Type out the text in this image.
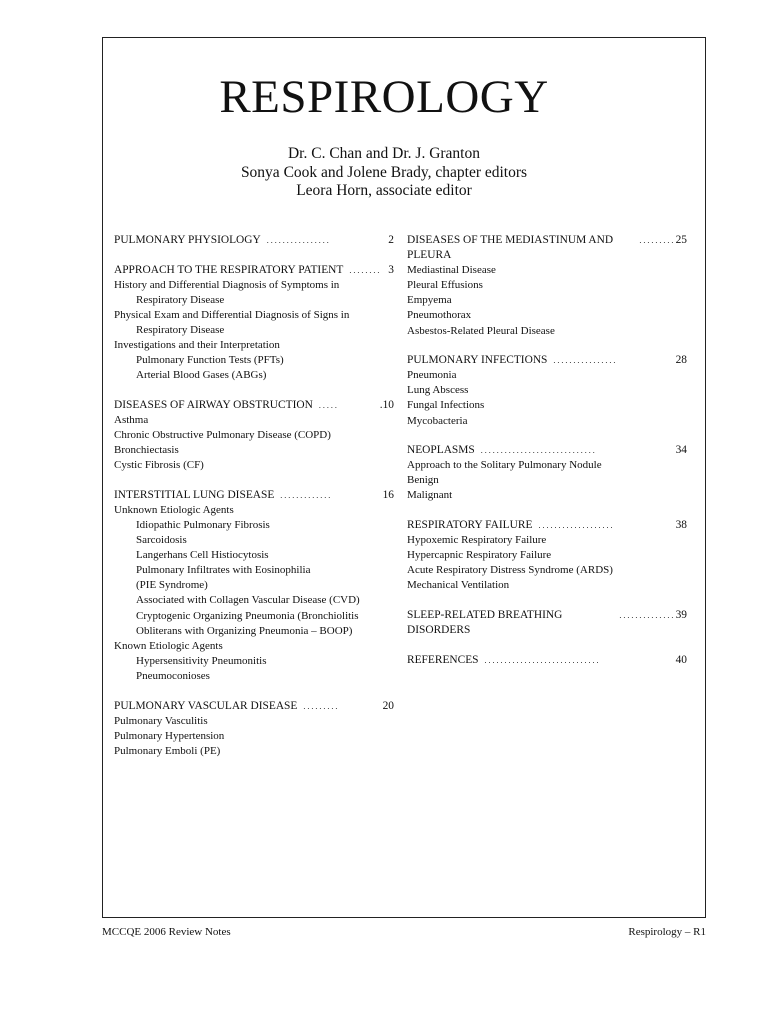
RESPIROLOGY
Dr. C. Chan and Dr. J. Granton
Sonya Cook and Jolene Brady, chapter editors
Leora Horn, associate editor
PULMONARY PHYSIOLOGY ................	2
APPROACH TO THE RESPIRATORY PATIENT ........ 3
History and Differential Diagnosis of Symptoms in
Respiratory Disease
Physical Exam and Differential Diagnosis of Signs in
Respiratory Disease
Investigations and their Interpretation
Pulmonary Function Tests (PFTs)
Arterial Blood Gases (ABGs)
DISEASES OF AIRWAY OBSTRUCTION .....	.10
Asthma
Chronic Obstructive Pulmonary Disease (COPD)
Bronchiectasis
Cystic Fibrosis (CF)
INTERSTITIAL LUNG DISEASE .............	16
Unknown Etiologic Agents
Idiopathic Pulmonary Fibrosis
Sarcoidosis
Langerhans Cell Histiocytosis
Pulmonary Infiltrates with Eosinophilia
(PIE Syndrome)
Associated with Collagen Vascular Disease (CVD)
Cryptogenic Organizing Pneumonia (Bronchiolitis
Obliterans with Organizing Pneumonia – BOOP)
Known Etiologic Agents
Hypersensitivity Pneumonitis
Pneumoconioses
PULMONARY VASCULAR DISEASE .........	20
Pulmonary Vasculitis
Pulmonary Hypertension
Pulmonary Emboli (PE)
DISEASES OF THE MEDIASTINUM AND PLEURA
......... 25
Mediastinal Disease
Pleural Effusions
Empyema
Pneumothorax
Asbestos-Related Pleural Disease
PULMONARY INFECTIONS ................	28
Pneumonia
Lung Abscess
Fungal Infections
Mycobacteria
NEOPLASMS .............................	34
Approach to the Solitary Pulmonary Nodule
Benign
Malignant
RESPIRATORY FAILURE ...................	38
Hypoxemic Respiratory Failure
Hypercapnic Respiratory Failure
Acute Respiratory Distress Syndrome (ARDS)
Mechanical Ventilation
SLEEP-RELATED BREATHING DISORDERS
.............. 39
REFERENCES .............................	40
MCCQE 2006 Review Notes	Respirology – R1
